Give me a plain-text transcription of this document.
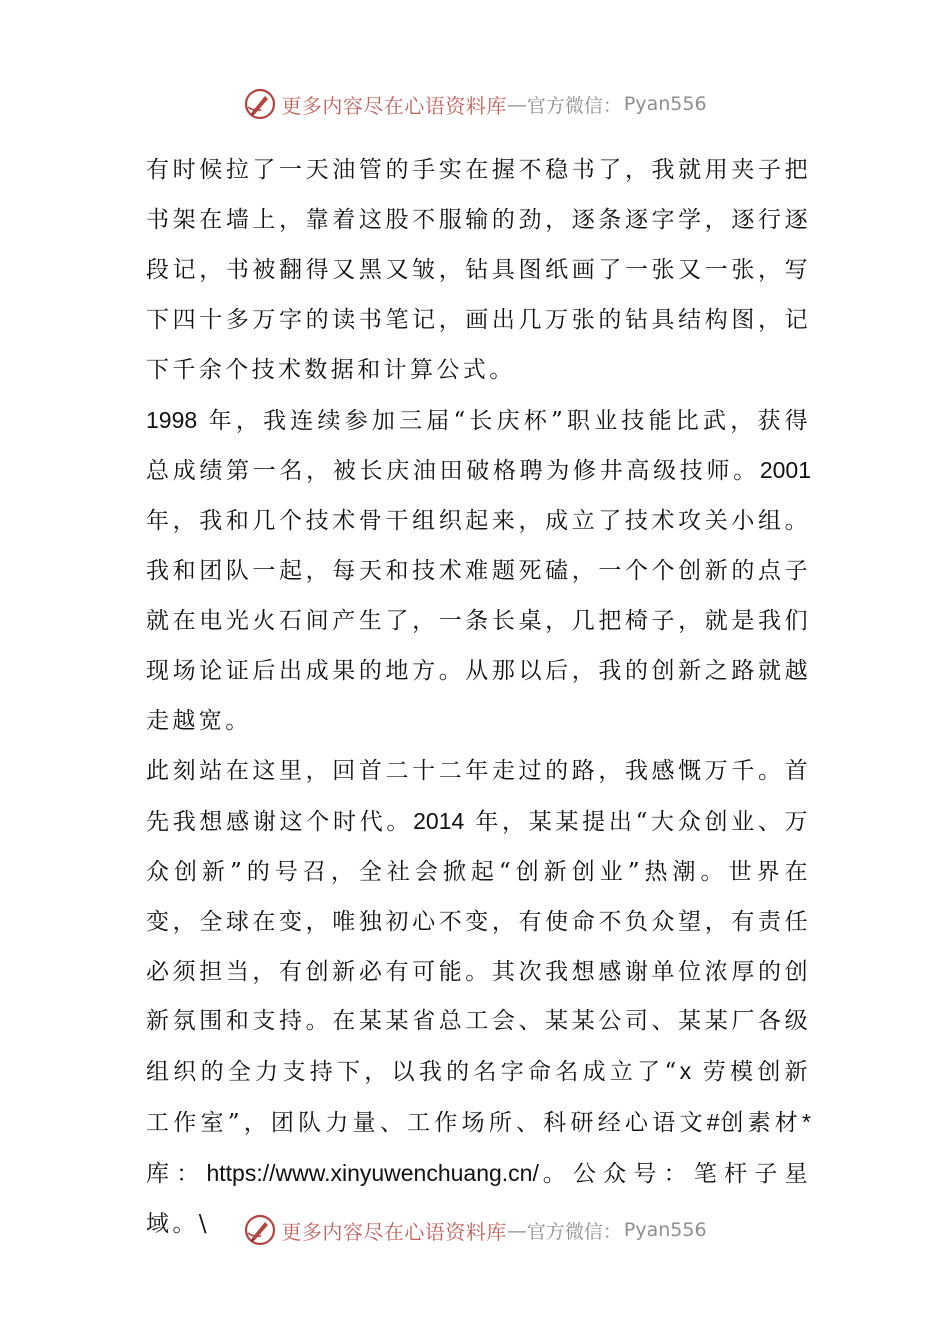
更多内容尽在心语资料库 — 官方微信： Pyan556

有时候拉了一天油管的手实在握不稳书了，我就用夹子把书架在墙上，靠着这股不服输的劲，逐条逐字学，逐行逐段记，书被翻得又黑又皱，钻具图纸画了一张又一张，写下四十多万字的读书笔记，画出几万张的钻具结构图，记下千余个技术数据和计算公式。

1998 年，我连续参加三届“长庆杯”职业技能比武，获得总成绩第一名，被长庆油田破格聘为修井高级技师。2001 年，我和几个技术骨干组织起来，成立了技术攻关小组。我和团队一起，每天和技术难题死磕，一个个创新的点子就在电光火石间产生了，一条长桌，几把椅子，就是我们现场论证后出成果的地方。从那以后，我的创新之路就越走越宽。

此刻站在这里，回首二十二年走过的路，我感慨万千。首先我想感谢这个时代。2014 年，某某提出“大众创业、万众创新”的号召，全社会掀起“创新创业”热潮。世界在变，全球在变，唯独初心不变，有使命不负众望，有责任必须担当，有创新必有可能。其次我想感谢单位浓厚的创新氛围和支持。在某某省总工会、某某公司、某某厂各级组织的全力支持下，以我的名字命名成立了“x 劳模创新工作室”，团队力量、工作场所、科研经心语文#创素材*库：https://www.xinyuwenchuang.cn/。公众号：笔杆子星域。\	更多内容尽在心语资料库 — 官方微信： Pyan556
